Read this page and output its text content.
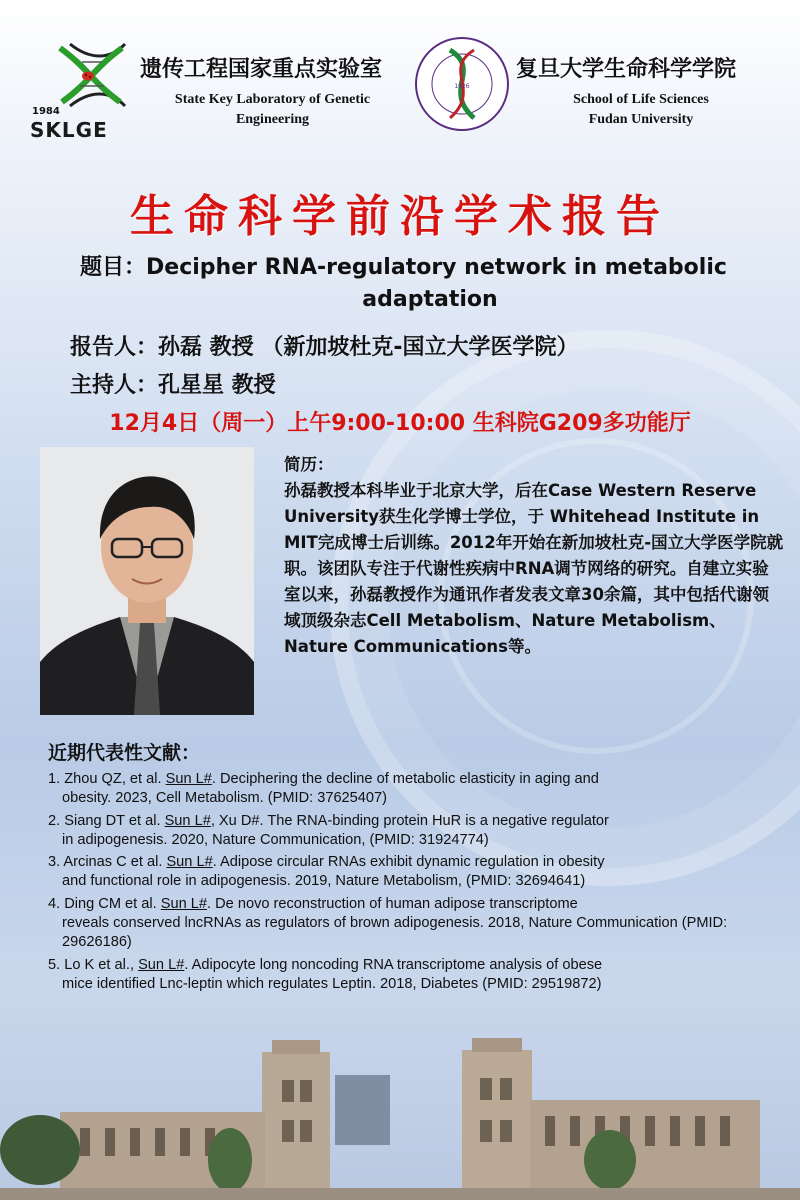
1984
SKLGE
遗传工程国家重点实验室
State Key Laboratory of Genetic
Engineering
1926
复旦大学生命科学学院
School of Life Sciences
Fudan University
生命科学前沿学术报告
题目：Decipher RNA-regulatory network in metabolic
adaptation
报告人：孙磊 教授 （新加坡杜克-国立大学医学院）
主持人：孔星星 教授
12月4日（周一）上午9:00-10:00 生科院G209多功能厅
简历：
孙磊教授本科毕业于北京大学，后在Case Western Reserve University获生化学博士学位，于 Whitehead Institute in MIT完成博士后训练。2012年开始在新加坡杜克-国立大学医学院就职。该团队专注于代谢性疾病中RNA调节网络的研究。自建立实验室以来，孙磊教授作为通讯作者发表文章30余篇，其中包括代谢领域顶级杂志Cell Metabolism、Nature Metabolism、Nature Communications等。
近期代表性文献：
1. Zhou QZ, et al. Sun L#. Deciphering the decline of metabolic elasticity in aging and
obesity. 2023, Cell Metabolism. (PMID: 37625407)
2. Siang DT et al. Sun L#, Xu D#. The RNA-binding protein HuR is a negative regulator
in adipogenesis. 2020, Nature Communication, (PMID: 31924774)
3. Arcinas C et al. Sun L#. Adipose circular RNAs exhibit dynamic regulation in obesity
and functional role in adipogenesis. 2019, Nature Metabolism, (PMID: 32694641)
4. Ding CM et al. Sun L#. De novo reconstruction of human adipose transcriptome
reveals conserved lncRNAs as regulators of brown adipogenesis. 2018, Nature Communication (PMID: 29626186)
5. Lo K et al., Sun L#. Adipocyte long noncoding RNA transcriptome analysis of obese
mice identified Lnc-leptin which regulates Leptin. 2018, Diabetes (PMID: 29519872)
